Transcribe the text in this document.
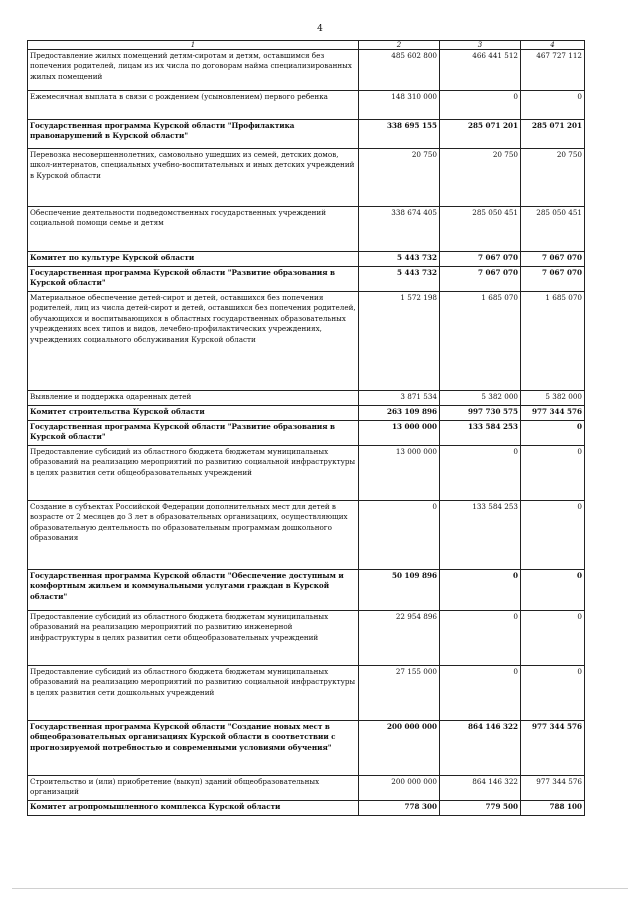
4
1	2	3	4
Предоставление жилых помещений детям-сиротам и детям, оставшимся без попечения родителей, лицам из их числа по договорам найма специализированных жилых помещений	485 602 800	466 441 512	467 727 112
Ежемесячная выплата в связи с рождением (усыновлением) первого ребенка	148 310 000	0	0
Государственная программа Курской области "Профилактика правонарушений в Курской области"	338 695 155	285 071 201	285 071 201
Перевозка несовершеннолетних, самовольно ушедших из семей, детских домов, школ-интернатов, специальных учебно-воспитательных и иных детских учреждений в Курской области	20 750	20 750	20 750
Обеспечение деятельности подведомственных государственных учреждений социальной помощи семье и детям	338 674 405	285 050 451	285 050 451
Комитет по культуре Курской области	5 443 732	7 067 070	7 067 070
Государственная программа Курской области "Развитие образования в Курской области"	5 443 732	7 067 070	7 067 070
Материальное обеспечение детей-сирот и детей, оставшихся без попечения родителей, лиц из числа детей-сирот и детей, оставшихся без попечения родителей, обучающихся и воспитывающихся в областных государственных образовательных учреждениях всех типов и видов, лечебно-профилактических учреждениях, учреждениях социального обслуживания Курской области	1 572 198	1 685 070	1 685 070
Выявление и поддержка одаренных детей	3 871 534	5 382 000	5 382 000
Комитет строительства Курской области	263 109 896	997 730 575	977 344 576
Государственная программа Курской области "Развитие образования в Курской области"	13 000 000	133 584 253	0
Предоставление субсидий из областного бюджета бюджетам муниципальных образований на реализацию мероприятий по развитию социальной инфраструктуры в целях развития сети общеобразовательных учреждений	13 000 000	0	0
Создание в субъектах Российской Федерации дополнительных мест для детей в возрасте от 2 месяцев до 3 лет в образовательных организациях, осуществляющих образовательную деятельность по образовательным программам дошкольного образования	0	133 584 253	0
Государственная программа Курской области "Обеспечение доступным и комфортным жильем и коммунальными услугами граждан в Курской области"	50 109 896	0	0
Предоставление субсидий из областного бюджета бюджетам муниципальных образований на реализацию мероприятий по развитию инженерной инфраструктуры в целях развития сети общеобразовательных учреждений	22 954 896	0	0
Предоставление субсидий из областного бюджета бюджетам муниципальных образований на реализацию мероприятий по развитию социальной инфраструктуры в целях развития сети дошкольных учреждений	27 155 000	0	0
Государственная программа Курской области "Создание новых мест в общеобразовательных организациях Курской области в соответствии с прогнозируемой потребностью и современными условиями обучения"	200 000 000	864 146 322	977 344 576
Строительство и (или) приобретение (выкуп) зданий общеобразовательных организаций	200 000 000	864 146 322	977 344 576
Комитет агропромышленного комплекса Курской области	778 300	779 500	788 100
